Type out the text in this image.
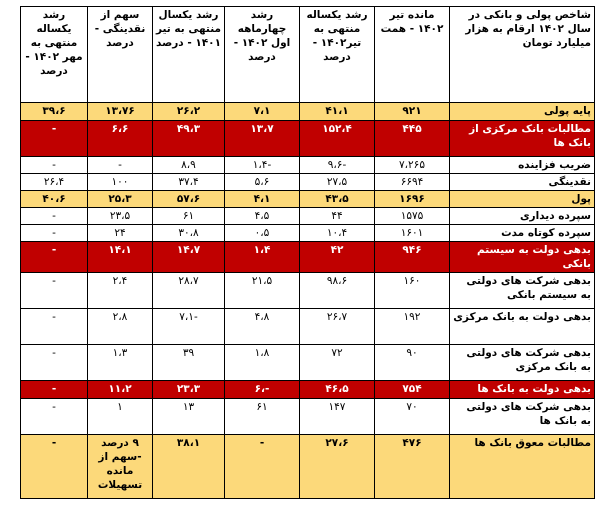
شاخص پولی و بانکی در سال ۱۴۰۲ ارقام به هزار میلیارد تومان	مانده تیر ۱۴۰۲ - همت	رشد یکساله منتهی به تیر۱۴۰۲ - درصد	رشد چهارماهه اول ۱۴۰۲ - درصد	رشد یکسال منتهی به تیر ۱۴۰۱ - درصد	سهم از نقدینگی - درصد	رشد یکساله منتهی به مهر ۱۴۰۲ - درصد
پایه پولی	۹۲۱	۴۱،۱	۷،۱	۲۶،۲	۱۳،۷۶	۳۹،۶
مطالبات بانک مرکزی از بانک ها	۴۴۵	۱۵۲،۴	۱۳،۷	۴۹،۳	۶،۶	-
ضریب فزاینده	۷،۲۶۵	-۹،۶	-۱،۴	۸،۹	-	-
نقدینگی	۶۶۹۴	۲۷،۵	۵،۶	۳۷،۴	۱۰۰	۲۶،۴
پول	۱۶۹۶	۴۳،۵	۴،۱	۵۷،۶	۲۵،۳	۴۰،۶
سپرده دیداری	۱۵۷۵	۴۴	۴،۵	۶۱	۲۳،۵	-
سپرده کوتاه مدت	۱۶۰۱	۱۰،۴	۰،۵	۳۰،۸	۲۴	-
بدهی دولت به سیستم بانکی	۹۴۶	۴۲	۱،۴	۱۴،۷	۱۴،۱	-
بدهی شرکت های دولتی به سیستم بانکی	۱۶۰	۹۸،۶	۲۱،۵	۲۸،۷	۲،۴	-
بدهی دولت به بانک مرکزی	۱۹۲	۲۶،۷	۴،۸	-۷،۱	۲،۸	-
بدهی شرکت های دولتی به بانک مرکزی	۹۰	۷۲	۱،۸	۳۹	۱،۳	-
بدهی دولت به بانک ها	۷۵۴	۴۶،۵	-،۶	۲۳،۳	۱۱،۲	-
بدهی شرکت های دولتی به بانک ها	۷۰	۱۴۷	۶۱	۱۳	۱	-
مطالبات معوق بانک ها	۴۷۶	۲۷،۶	-	۳۸،۱	۹ درصد -سهم از مانده تسهیلات	-
